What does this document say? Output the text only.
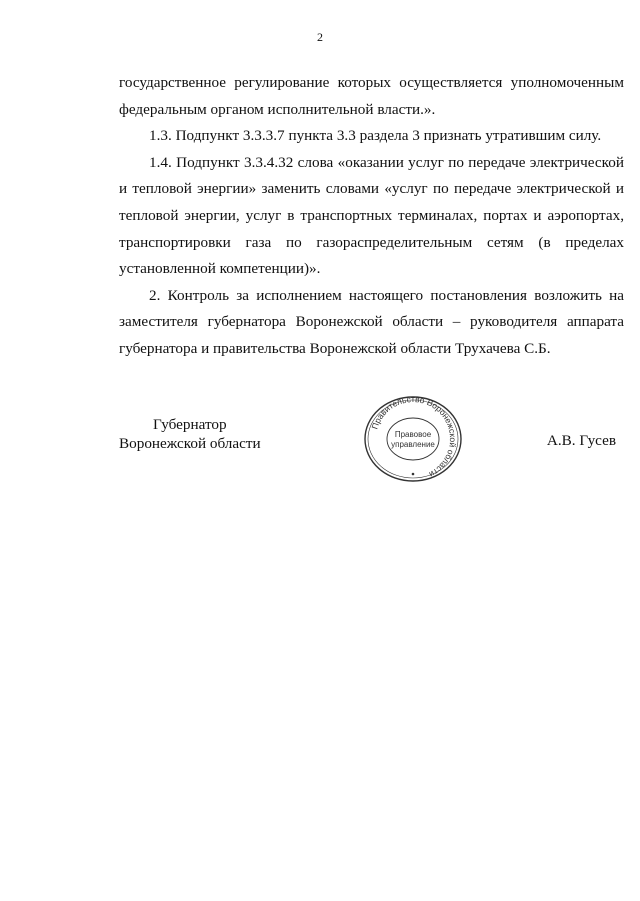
2

государственное регулирование которых осуществляется уполномоченным федеральным органом исполнительной власти.».

1.3. Подпункт 3.3.3.7 пункта 3.3 раздела 3 признать утратившим силу.

1.4. Подпункт 3.3.4.32 слова «оказании услуг по передаче электрической и тепловой энергии» заменить словами «услуг по передаче электрической и тепловой энергии, услуг в транспортных терминалах, портах и аэропортах, транспортировки газа по газораспределительным сетям (в пределах установленной компетенции)».

2. Контроль за исполнением настоящего постановления возложить на заместителя губернатора Воронежской области – руководителя аппарата губернатора и правительства Воронежской области Трухачева С.Б.

Губернатор
Воронежской области
Правительство Воронежской области
Правовое
управление	А.В. Гусев
